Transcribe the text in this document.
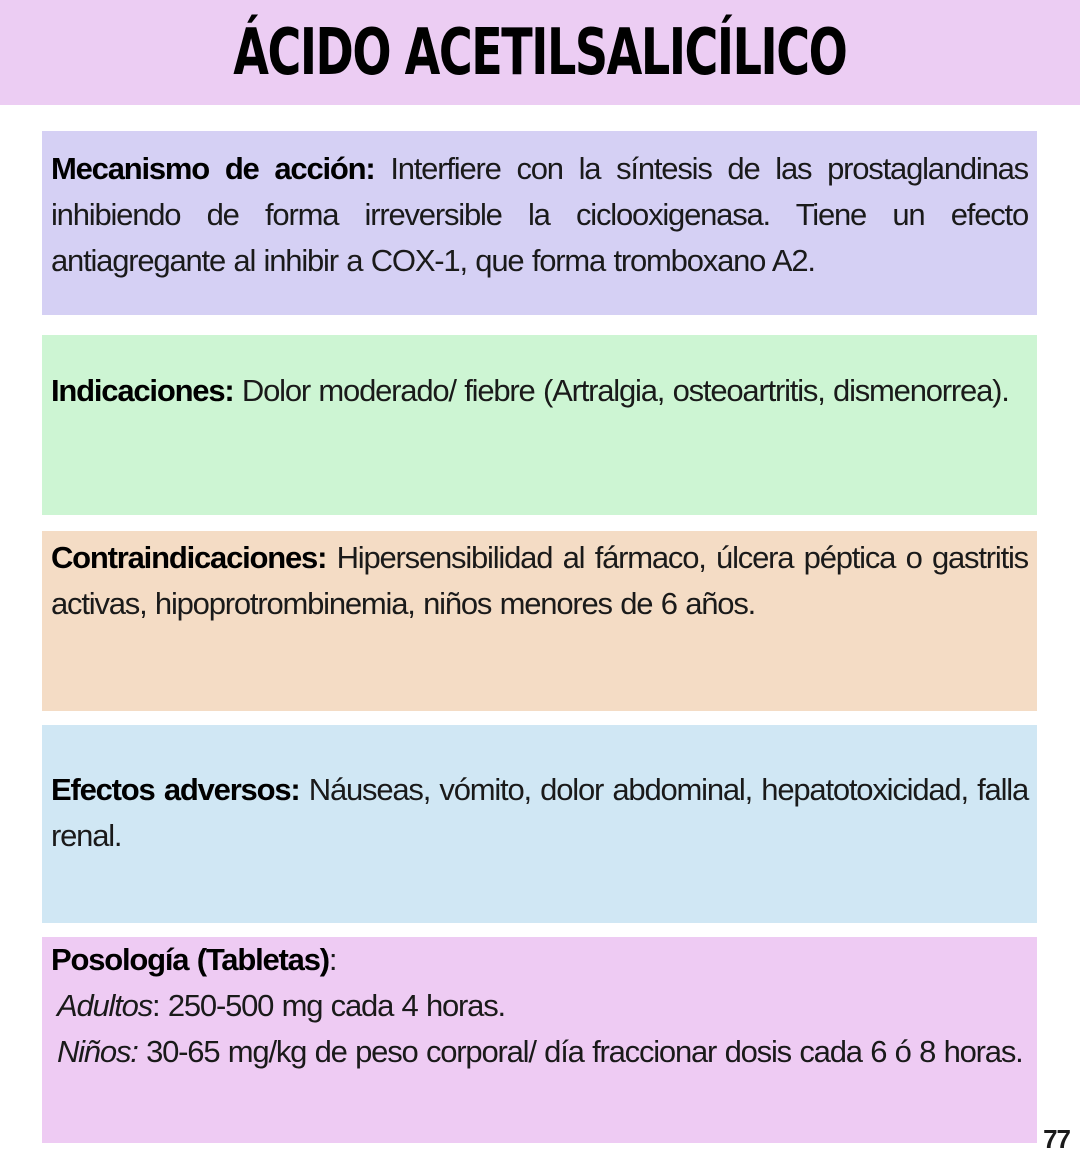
ÁCIDO ACETILSALICÍLICO
Mecanismo de acción: Interfiere con la síntesis de las prostaglandinas inhibiendo de forma irreversible la ciclooxigenasa. Tiene un efecto antiagregante al inhibir a COX-1, que forma tromboxano A2.
Indicaciones: Dolor moderado/ fiebre (Artralgia, osteoartritis, dismenorrea).
Contraindicaciones: Hipersensibilidad al fármaco, úlcera péptica o gastritis activas, hipoprotrombinemia, niños menores de 6 años.
Efectos adversos: Náuseas, vómito, dolor abdominal, hepatotoxicidad, falla renal.
Posología (Tabletas):
Adultos: 250-500 mg cada 4 horas.
Niños: 30-65 mg/kg de peso corporal/ día fraccionar dosis cada 6 ó 8 horas.
77
